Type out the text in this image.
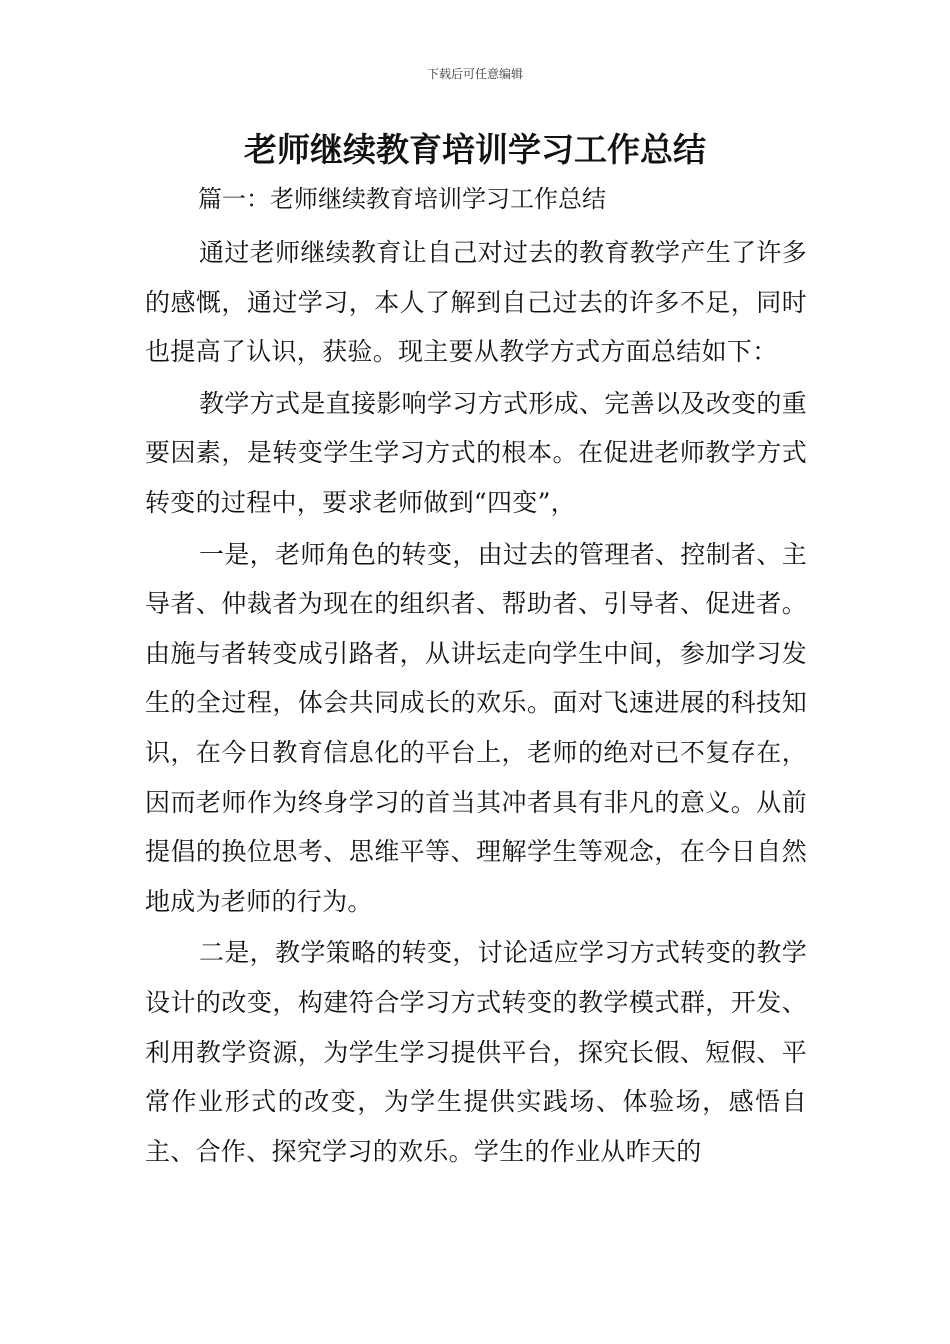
下载后可任意编辑
老师继续教育培训学习工作总结

篇一：老师继续教育培训学习工作总结

通过老师继续教育让自己对过去的教育教学产生了许多的感慨，通过学习，本人了解到自己过去的许多不足，同时也提高了认识，获验。现主要从教学方式方面总结如下：

教学方式是直接影响学习方式形成、完善以及改变的重要因素，是转变学生学习方式的根本。在促进老师教学方式转变的过程中，要求老师做到“四变”，

一是，老师角色的转变，由过去的管理者、控制者、主导者、仲裁者为现在的组织者、帮助者、引导者、促进者。由施与者转变成引路者，从讲坛走向学生中间，参加学习发生的全过程，体会共同成长的欢乐。面对飞速进展的科技知识，在今日教育信息化的平台上，老师的绝对已不复存在，因而老师作为终身学习的首当其冲者具有非凡的意义。从前提倡的换位思考、思维平等、理解学生等观念，在今日自然地成为老师的行为。

二是，教学策略的转变，讨论适应学习方式转变的教学设计的改变，构建符合学习方式转变的教学模式群，开发、利用教学资源，为学生学习提供平台，探究长假、短假、平常作业形式的改变，为学生提供实践场、体验场，感悟自主、合作、探究学习的欢乐。学生的作业从昨天的
